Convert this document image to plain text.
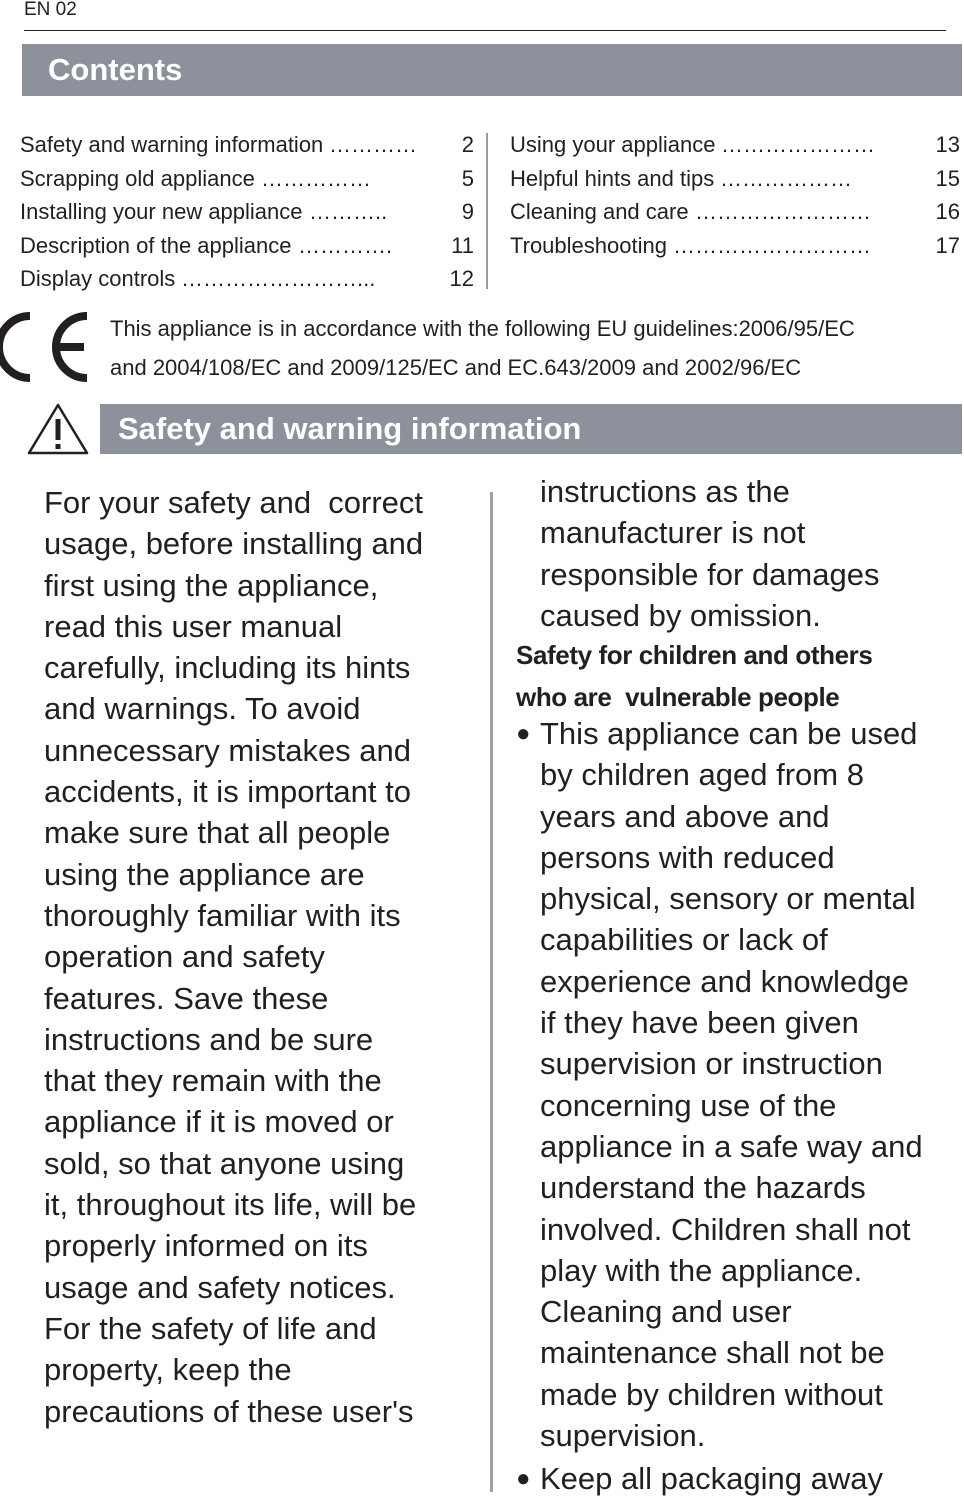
EN 02
Contents
Safety and warning information ………… 2
Scrapping old appliance ……………	5
Installing your new appliance ………..	9
Description of the appliance ………….	11
Display controls ……………………...	12
Using your appliance …………………	13
Helpful hints and tips ………………	15
Cleaning and care ……………………	16
Troubleshooting ………………………	17
This appliance is in accordance with the following EU guidelines:2006/95/EC
and 2004/108/EC and 2009/125/EC and EC.643/2009 and 2002/96/EC
Safety and warning information
For your safety and  correct
usage, before installing and
first using the appliance,
read this user manual
carefully, including its hints
and warnings. To avoid
unnecessary mistakes and
accidents, it is important to
make sure that all people
using the appliance are
thoroughly familiar with its
operation and safety
features. Save these
instructions and be sure
that they remain with the
appliance if it is moved or
sold, so that anyone using
it, throughout its life, will be
properly informed on its
usage and safety notices.
For the safety of life and
property, keep the
precautions of these user's
instructions as the
manufacturer is not
responsible for damages
caused by omission.
Safety for children and others
who are  vulnerable people
● This appliance can be used
by children aged from 8
years and above and
persons with reduced
physical, sensory or mental
capabilities or lack of
experience and knowledge
if they have been given
supervision or instruction
concerning use of the
appliance in a safe way and
understand the hazards
involved. Children shall not
play with the appliance.
Cleaning and user
maintenance shall not be
made by children without
supervision.
● Keep all packaging away
